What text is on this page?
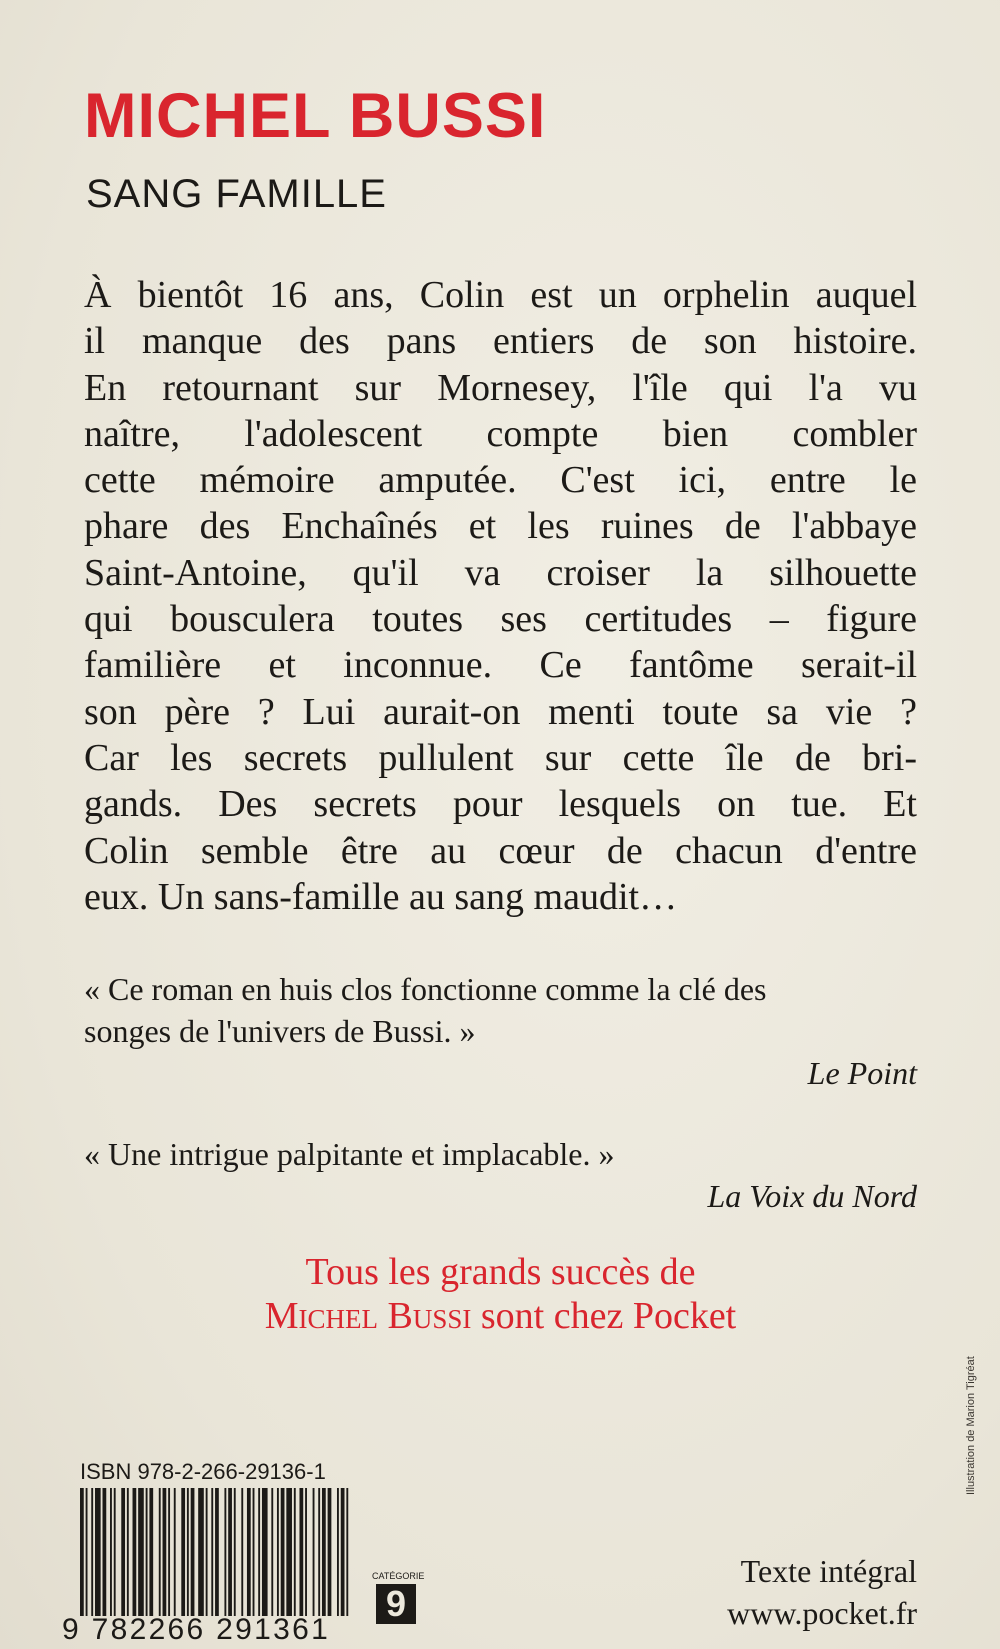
MICHEL BUSSI
SANG FAMILLE
À bientôt 16 ans, Colin est un orphelin auquel
il manque des pans entiers de son histoire.
En retournant sur Mornesey, l'île qui l'a vu
naître, l'adolescent compte bien combler
cette mémoire amputée. C'est ici, entre le
phare des Enchaînés et les ruines de l'abbaye
Saint-Antoine, qu'il va croiser la silhouette
qui bousculera toutes ses certitudes – figure
familière et inconnue. Ce fantôme serait-il
son père ? Lui aurait-on menti toute sa vie ?
Car les secrets pullulent sur cette île de bri-
gands. Des secrets pour lesquels on tue. Et
Colin semble être au cœur de chacun d'entre
eux. Un sans-famille au sang maudit…
« Ce roman en huis clos fonctionne comme la clé des
songes de l'univers de Bussi. »
Le Point
« Une intrigue palpitante et implacable. »
La Voix du Nord
Tous les grands succès de
Michel Bussi sont chez Pocket

ISBN 978-2-266-29136-1

9 782266 291361

CATÉGORIE
9
Texte intégral
www.pocket.fr
Illustration de Marion Tigréat
